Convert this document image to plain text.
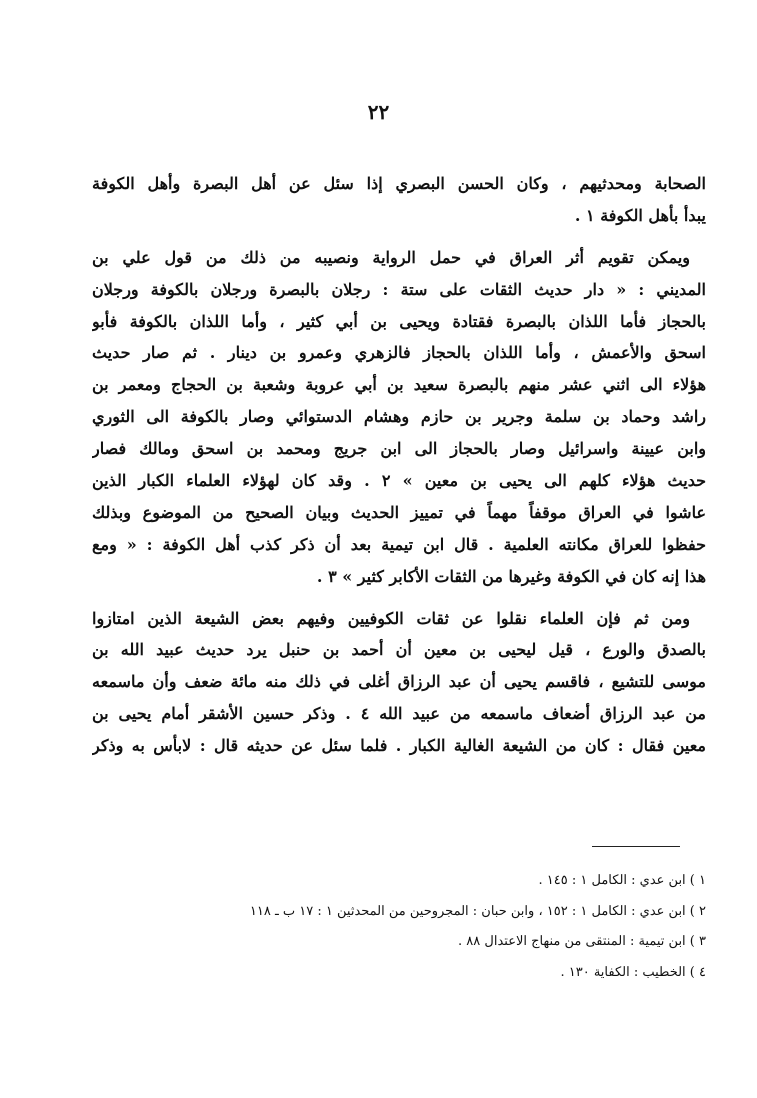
٢٢
الصحابة ومحدثيهم ، وكان الحسن البصري إذا سئل عن أهل البصرة وأهل الكوفة
يبدأ بأهل الكوفة ١ .
ويمكن تقويم أثر العراق في حمل الرواية ونصيبه من ذلك من قول علي بن
المديني : « دار حديث الثقات على ستة : رجلان بالبصرة ورجلان بالكوفة ورجلان
بالحجاز فأما اللذان بالبصرة فقتادة ويحيى بن أبي كثير ، وأما اللذان بالكوفة فأبو
اسحق والأعمش ، وأما اللذان بالحجاز فالزهري وعمرو بن دينار . ثم صار حديث
هؤلاء الى اثني عشر منهم بالبصرة سعيد بن أبي عروبة وشعبة بن الحجاج ومعمر بن
راشد وحماد بن سلمة وجرير بن حازم وهشام الدستوائي وصار بالكوفة الى الثوري
وابن عيينة واسرائيل وصار بالحجاز الى ابن جريج ومحمد بن اسحق ومالك فصار
حديث هؤلاء كلهم الى يحيى بن معين » ٢ . وقد كان لهؤلاء العلماء الكبار الذين
عاشوا في العراق موقفاً مهماً في تمييز الحديث وبيان الصحيح من الموضوع وبذلك
حفظوا للعراق مكانته العلمية . قال ابن تيمية بعد أن ذكر كذب أهل الكوفة : « ومع
هذا إنه كان في الكوفة وغيرها من الثقات الأكابر كثير » ٣ .
ومن ثم فإن العلماء نقلوا عن ثقات الكوفيين وفيهم بعض الشيعة الذين امتازوا
بالصدق والورع ، قيل ليحيى بن معين أن أحمد بن حنبل يرد حديث عبيد الله بن
موسى للتشيع ، فاقسم يحيى أن عبد الرزاق أغلى في ذلك منه مائة ضعف وأن ماسمعه
من عبد الرزاق أضعاف ماسمعه من عبيد الله ٤ . وذكر حسين الأشقر أمام يحيى بن
معين فقال : كان من الشيعة الغالية الكبار . فلما سئل عن حديثه قال : لابأس به وذكر
١ ) ابن عدي : الكامل ١ : ١٤٥ .
٢ ) ابن عدي : الكامل ١ : ١٥٢ ، وابن حبان : المجروحين من المحدثين ١ : ١٧ ب ـ ١١٨
٣ ) ابن تيمية : المنتقى من منهاج الاعتدال ٨٨ .
٤ ) الخطيب : الكفاية ١٣٠ .
